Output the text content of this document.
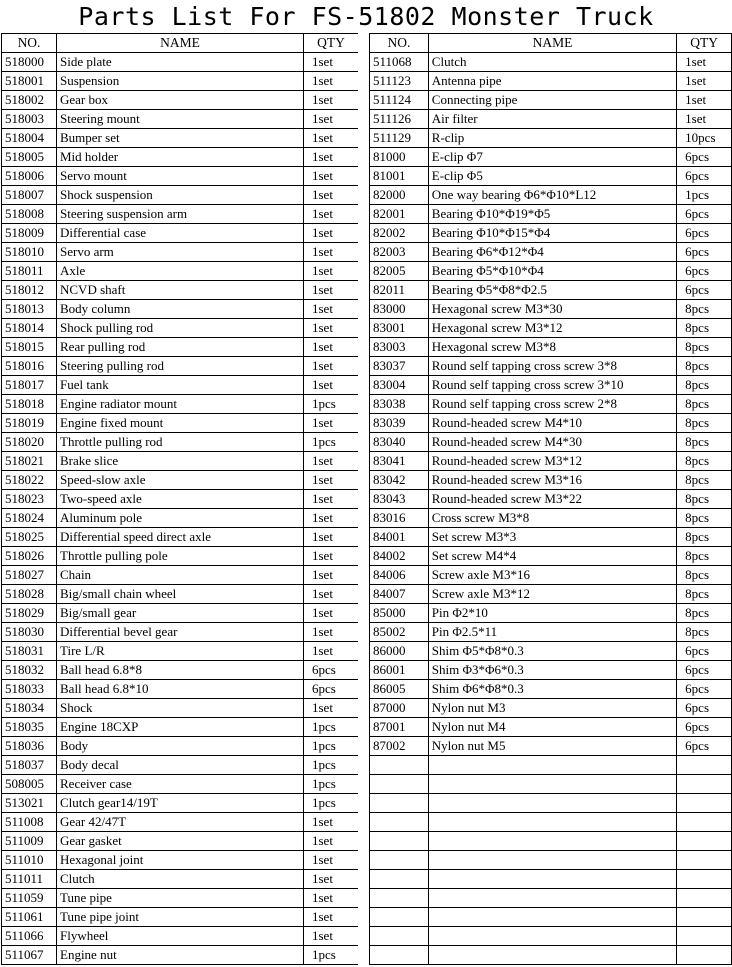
Parts List For FS-51802 Monster Truck
NO.	NAME	QTY
518000	Side plate	1set
518001	Suspension	1set
518002	Gear box	1set
518003	Steering mount	1set
518004	Bumper set	1set
518005	Mid holder	1set
518006	Servo mount	1set
518007	Shock suspension	1set
518008	Steering suspension arm	1set
518009	Differential case	1set
518010	Servo arm	1set
518011	Axle	1set
518012	NCVD shaft	1set
518013	Body column	1set
518014	Shock pulling rod	1set
518015	Rear pulling rod	1set
518016	Steering pulling rod	1set
518017	Fuel tank	1set
518018	Engine radiator mount	1pcs
518019	Engine fixed mount	1set
518020	Throttle pulling rod	1pcs
518021	Brake slice	1set
518022	Speed-slow axle	1set
518023	Two-speed axle	1set
518024	Aluminum pole	1set
518025	Differential speed direct axle	1set
518026	Throttle pulling pole	1set
518027	Chain	1set
518028	Big/small chain wheel	1set
518029	Big/small gear	1set
518030	Differential bevel gear	1set
518031	Tire L/R	1set
518032	Ball head 6.8*8	6pcs
518033	Ball head 6.8*10	6pcs
518034	Shock	1set
518035	Engine 18CXP	1pcs
518036	Body	1pcs
518037	Body decal	1pcs
508005	Receiver case	1pcs
513021	Clutch gear14/19T	1pcs
511008	Gear 42/47T	1set
511009	Gear gasket	1set
511010	Hexagonal joint	1set
511011	Clutch	1set
511059	Tune pipe	1set
511061	Tune pipe joint	1set
511066	Flywheel	1set
511067	Engine nut	1pcs
NO.	NAME	QTY
511068	Clutch	1set
511123	Antenna pipe	1set
511124	Connecting pipe	1set
511126	Air filter	1set
511129	R-clip	10pcs
81000	E-clip Φ7	6pcs
81001	E-clip Φ5	6pcs
82000	One way bearing Φ6*Φ10*L12	1pcs
82001	Bearing Φ10*Φ19*Φ5	6pcs
82002	Bearing Φ10*Φ15*Φ4	6pcs
82003	Bearing Φ6*Φ12*Φ4	6pcs
82005	Bearing Φ5*Φ10*Φ4	6pcs
82011	Bearing Φ5*Φ8*Φ2.5	6pcs
83000	Hexagonal screw M3*30	8pcs
83001	Hexagonal screw M3*12	8pcs
83003	Hexagonal screw M3*8	8pcs
83037	Round self tapping cross screw 3*8	8pcs
83004	Round self tapping cross screw 3*10	8pcs
83038	Round self tapping cross screw 2*8	8pcs
83039	Round-headed screw M4*10	8pcs
83040	Round-headed screw M4*30	8pcs
83041	Round-headed screw M3*12	8pcs
83042	Round-headed screw M3*16	8pcs
83043	Round-headed screw M3*22	8pcs
83016	Cross screw M3*8	8pcs
84001	Set screw M3*3	8pcs
84002	Set screw M4*4	8pcs
84006	Screw axle M3*16	8pcs
84007	Screw axle M3*12	8pcs
85000	Pin Φ2*10	8pcs
85002	Pin Φ2.5*11	8pcs
86000	Shim Φ5*Φ8*0.3	6pcs
86001	Shim Φ3*Φ6*0.3	6pcs
86005	Shim Φ6*Φ8*0.3	6pcs
87000	Nylon nut M3	6pcs
87001	Nylon nut M4	6pcs
87002	Nylon nut M5	6pcs
